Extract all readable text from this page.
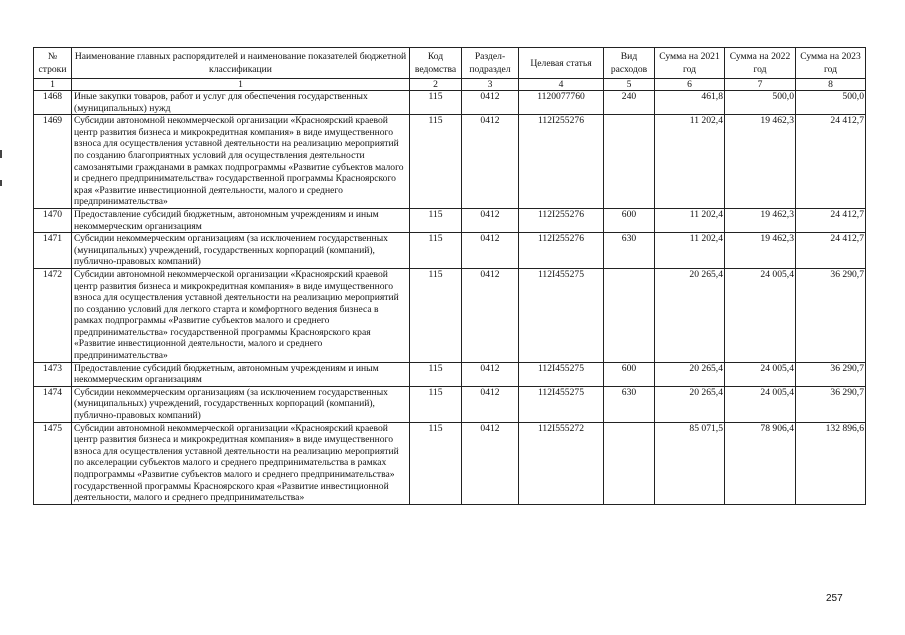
№ строки	Наименование главных распорядителей и наименование показателей бюджетной классификации	Код ведомства	Раздел-подраздел	Целевая статья	Вид расходов	Сумма на 2021 год	Сумма на 2022 год	Сумма на 2023 год
1	1	2	3	4	5	6	7	8
1468	Иные закупки товаров, работ и услуг для обеспечения государственных (муниципальных) нужд	115	0412	1120077760	240	461,8	500,0	500,0
1469	Субсидии автономной некоммерческой организации «Красноярский краевой центр развития бизнеса и микрокредитная компания» в виде имущественного взноса для осуществления уставной деятельности на реализацию мероприятий по созданию благоприятных условий для осуществления деятельности самозанятыми гражданами в рамках подпрограммы «Развитие субъектов малого и среднего предпринимательства» государственной программы Красноярского края «Развитие инвестиционной деятельности, малого и среднего предпринимательства»	115	0412	112I255276		11 202,4	19 462,3	24 412,7
1470	Предоставление субсидий бюджетным, автономным учреждениям и иным некоммерческим организациям	115	0412	112I255276	600	11 202,4	19 462,3	24 412,7
1471	Субсидии некоммерческим организациям (за исключением государственных (муниципальных) учреждений, государственных корпораций (компаний), публично-правовых компаний)	115	0412	112I255276	630	11 202,4	19 462,3	24 412,7
1472	Субсидии автономной некоммерческой организации «Красноярский краевой центр развития бизнеса и микрокредитная компания» в виде имущественного взноса для осуществления уставной деятельности на реализацию мероприятий по созданию условий для легкого старта и комфортного ведения бизнеса в рамках подпрограммы «Развитие субъектов малого и среднего предпринимательства» государственной программы Красноярского края «Развитие инвестиционной деятельности, малого и среднего предпринимательства»	115	0412	112I455275		20 265,4	24 005,4	36 290,7
1473	Предоставление субсидий бюджетным, автономным учреждениям и иным некоммерческим организациям	115	0412	112I455275	600	20 265,4	24 005,4	36 290,7
1474	Субсидии некоммерческим организациям (за исключением государственных (муниципальных) учреждений, государственных корпораций (компаний), публично-правовых компаний)	115	0412	112I455275	630	20 265,4	24 005,4	36 290,7
1475	Субсидии автономной некоммерческой организации «Красноярский краевой центр развития бизнеса и микрокредитная компания» в виде имущественного взноса для осуществления уставной деятельности на реализацию мероприятий по акселерации субъектов малого и среднего предпринимательства в рамках подпрограммы «Развитие субъектов малого и среднего предпринимательства» государственной программы Красноярского края «Развитие инвестиционной деятельности, малого и среднего предпринимательства»	115	0412	112I555272		85 071,5	78 906,4	132 896,6
257
